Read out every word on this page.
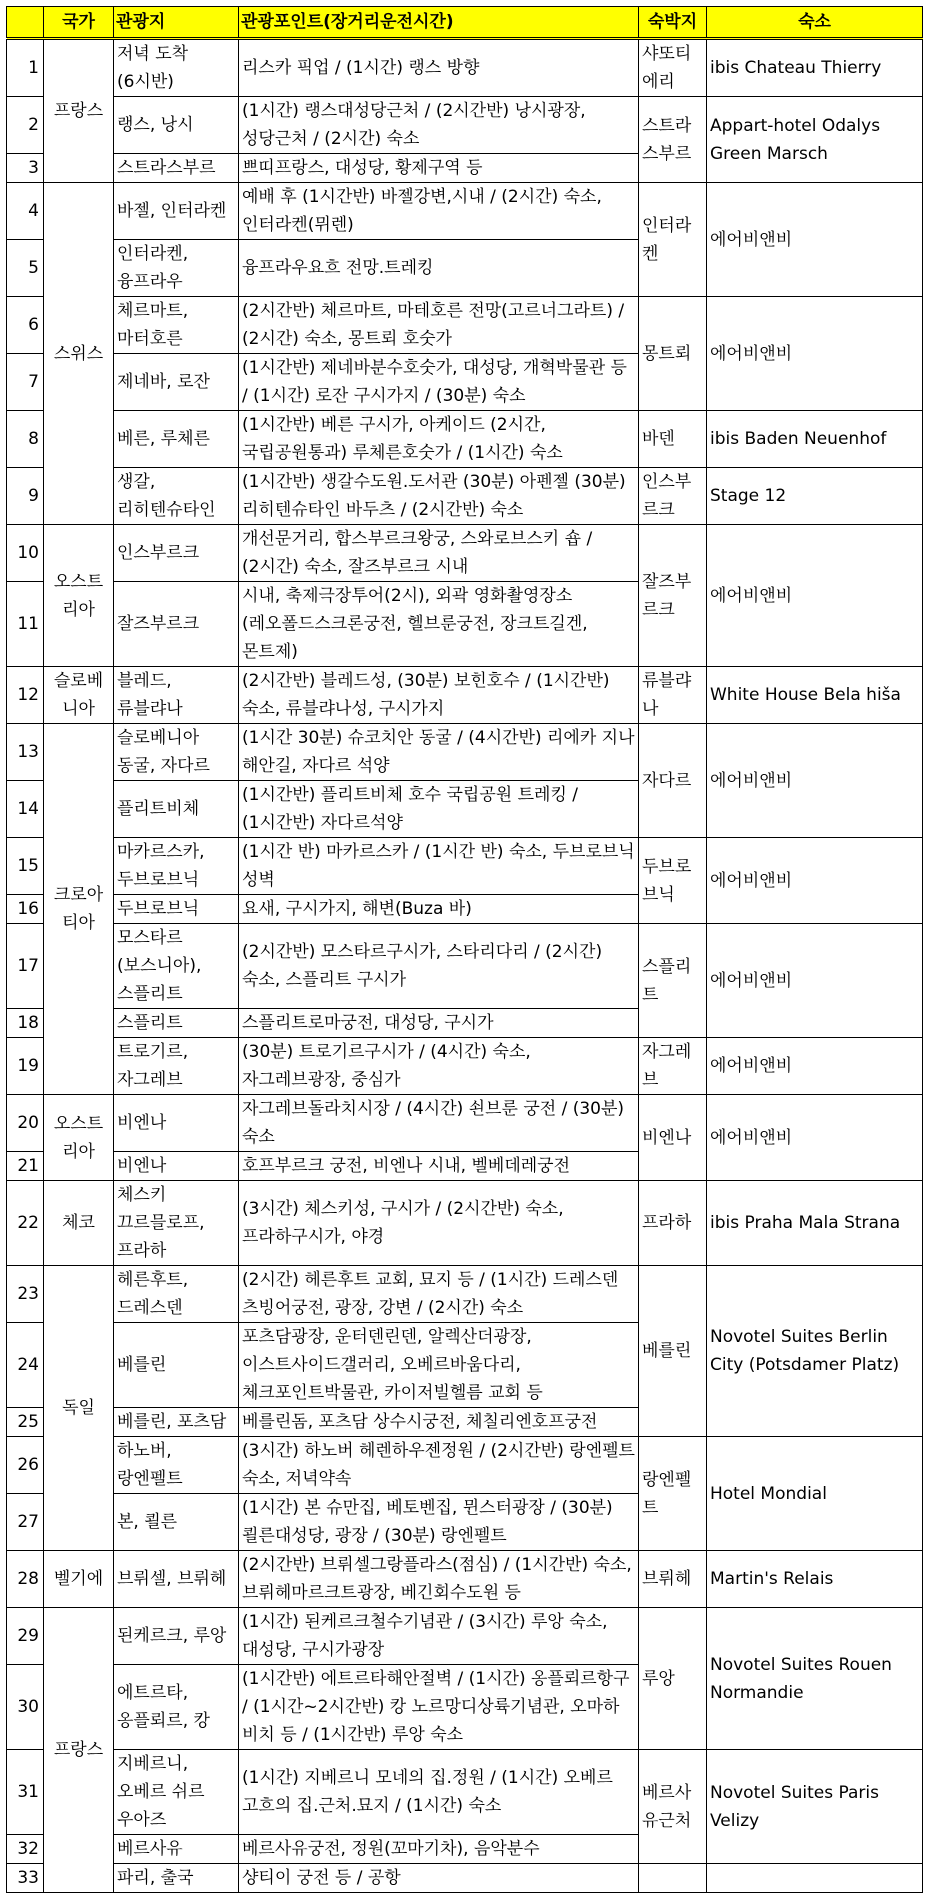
	국가	관광지	관광포인트(장거리운전시간)	숙박지	숙소
1	프랑스	저녁 도착 (6시반)	리스카 픽업 / (1시간) 랭스 방향	샤또티에리	ibis Chateau Thierry
2		랭스, 낭시	(1시간) 랭스대성당근처 / (2시간반) 낭시광장, 성당근처 / (2시간) 숙소	스트라스부르	Appart-hotel Odalys Green Marsch
3		스트라스부르	쁘띠프랑스, 대성당, 황제구역 등		
4	스위스	바젤, 인터라켄	예배 후 (1시간반) 바젤강변,시내 / (2시간) 숙소, 인터라켄(뮈렌)	인터라켄	에어비앤비
5		인터라켄, 융프라우	융프라우요흐 전망.트레킹		
6		체르마트, 마터호른	(2시간반) 체르마트, 마테호른 전망(고르너그라트) / (2시간) 숙소, 몽트뢰 호숫가	몽트뢰	에어비앤비
7		제네바, 로잔	(1시간반) 제네바분수호숫가, 대성당, 개혁박물관 등 / (1시간) 로잔 구시가지 / (30분) 숙소		
8		베른, 루체른	(1시간반) 베른 구시가, 아케이드 (2시간, 국립공원통과) 루체른호숫가 / (1시간) 숙소	바덴	ibis Baden Neuenhof
9		생갈, 리히텐슈타인	(1시간반) 생갈수도원.도서관 (30분) 아펜젤 (30분) 리히텐슈타인 바두츠 / (2시간반) 숙소	인스부르크	Stage 12
10	오스트리아	인스부르크	개선문거리, 합스부르크왕궁, 스와로브스키 숍 / (2시간) 숙소, 잘즈부르크 시내	잘즈부르크	에어비앤비
11		잘즈부르크	시내, 축제극장투어(2시), 외곽 영화촬영장소(레오폴드스크론궁전, 헬브룬궁전, 장크트길겐, 몬트제)		
12	슬로베니아	블레드, 류블랴나	(2시간반) 블레드성, (30분) 보힌호수 / (1시간반) 숙소, 류블랴나성, 구시가지	류블랴나	White House Bela hiša
13	크로아티아	슬로베니아 동굴, 자다르	(1시간 30분) 슈코치안 동굴 / (4시간반) 리에카 지나 해안길, 자다르 석양	자다르	에어비앤비
14		플리트비체	(1시간반) 플리트비체 호수 국립공원 트레킹 / (1시간반) 자다르석양		
15		마카르스카, 두브로브닉	(1시간 반) 마카르스카 / (1시간 반) 숙소, 두브로브닉 성벽	두브로브닉	에어비앤비
16		두브로브닉	요새, 구시가지, 해변(Buza 바)		
17		모스타르(보스니아), 스플리트	(2시간반) 모스타르구시가, 스타리다리 / (2시간) 숙소, 스플리트 구시가	스플리트	에어비앤비
18		스플리트	스플리트로마궁전, 대성당, 구시가		
19		트로기르, 자그레브	(30분) 트로기르구시가 / (4시간) 숙소, 자그레브광장, 중심가	자그레브	에어비앤비
20	오스트리아	비엔나	자그레브돌라치시장 / (4시간) 쇤브룬 궁전 / (30분) 숙소	비엔나	에어비앤비
21		비엔나	호프부르크 궁전, 비엔나 시내, 벨베데레궁전		
22	체코	체스키 끄르믈로프, 프라하	(3시간) 체스키성, 구시가 / (2시간반) 숙소, 프라하구시가, 야경	프라하	ibis Praha Mala Strana
23	독일	헤른후트, 드레스덴	(2시간) 헤른후트 교회, 묘지 등 / (1시간) 드레스덴 츠빙어궁전, 광장, 강변 / (2시간) 숙소	베를린	Novotel Suites Berlin City (Potsdamer Platz)
24		베를린	포츠담광장, 운터덴린덴, 알렉산더광장, 이스트사이드갤러리, 오베르바움다리, 체크포인트박물관, 카이저빌헬름 교회 등		
25		베를린, 포츠담	베를린돔, 포츠담 상수시궁전, 체칠리엔호프궁전		
26		하노버, 랑엔펠트	(3시간) 하노버 헤렌하우젠정원 / (2시간반) 랑엔펠트 숙소, 저녁약속	랑엔펠트	Hotel Mondial
27		본, 쾰른	(1시간) 본 슈만집, 베토벤집, 뮌스터광장 / (30분) 쾰른대성당, 광장 / (30분) 랑엔펠트		
28	벨기에	브뤼셀, 브뤼헤	(2시간반) 브뤼셀그랑플라스(점심) / (1시간반) 숙소, 브뤼헤마르크트광장, 베긴회수도원 등	브뤼헤	Martin's Relais
29	프랑스	된케르크, 루앙	(1시간) 된케르크철수기념관 / (3시간) 루앙 숙소, 대성당, 구시가광장	루앙	Novotel Suites Rouen Normandie
30		에트르타, 옹플뢰르, 캉	(1시간반) 에트르타해안절벽 / (1시간) 옹플뢰르항구 / (1시간~2시간반) 캉 노르망디상륙기념관, 오마하 비치 등 / (1시간반) 루앙 숙소		
31		지베르니, 오베르 쉬르 우아즈	(1시간) 지베르니 모네의 집.정원 / (1시간) 오베르 고흐의 집.근처.묘지 / (1시간) 숙소	베르사유근처	Novotel Suites Paris Velizy
32		베르사유	베르사유궁전, 정원(꼬마기차), 음악분수		
33		파리, 출국	샹티이 궁전 등 / 공항		
